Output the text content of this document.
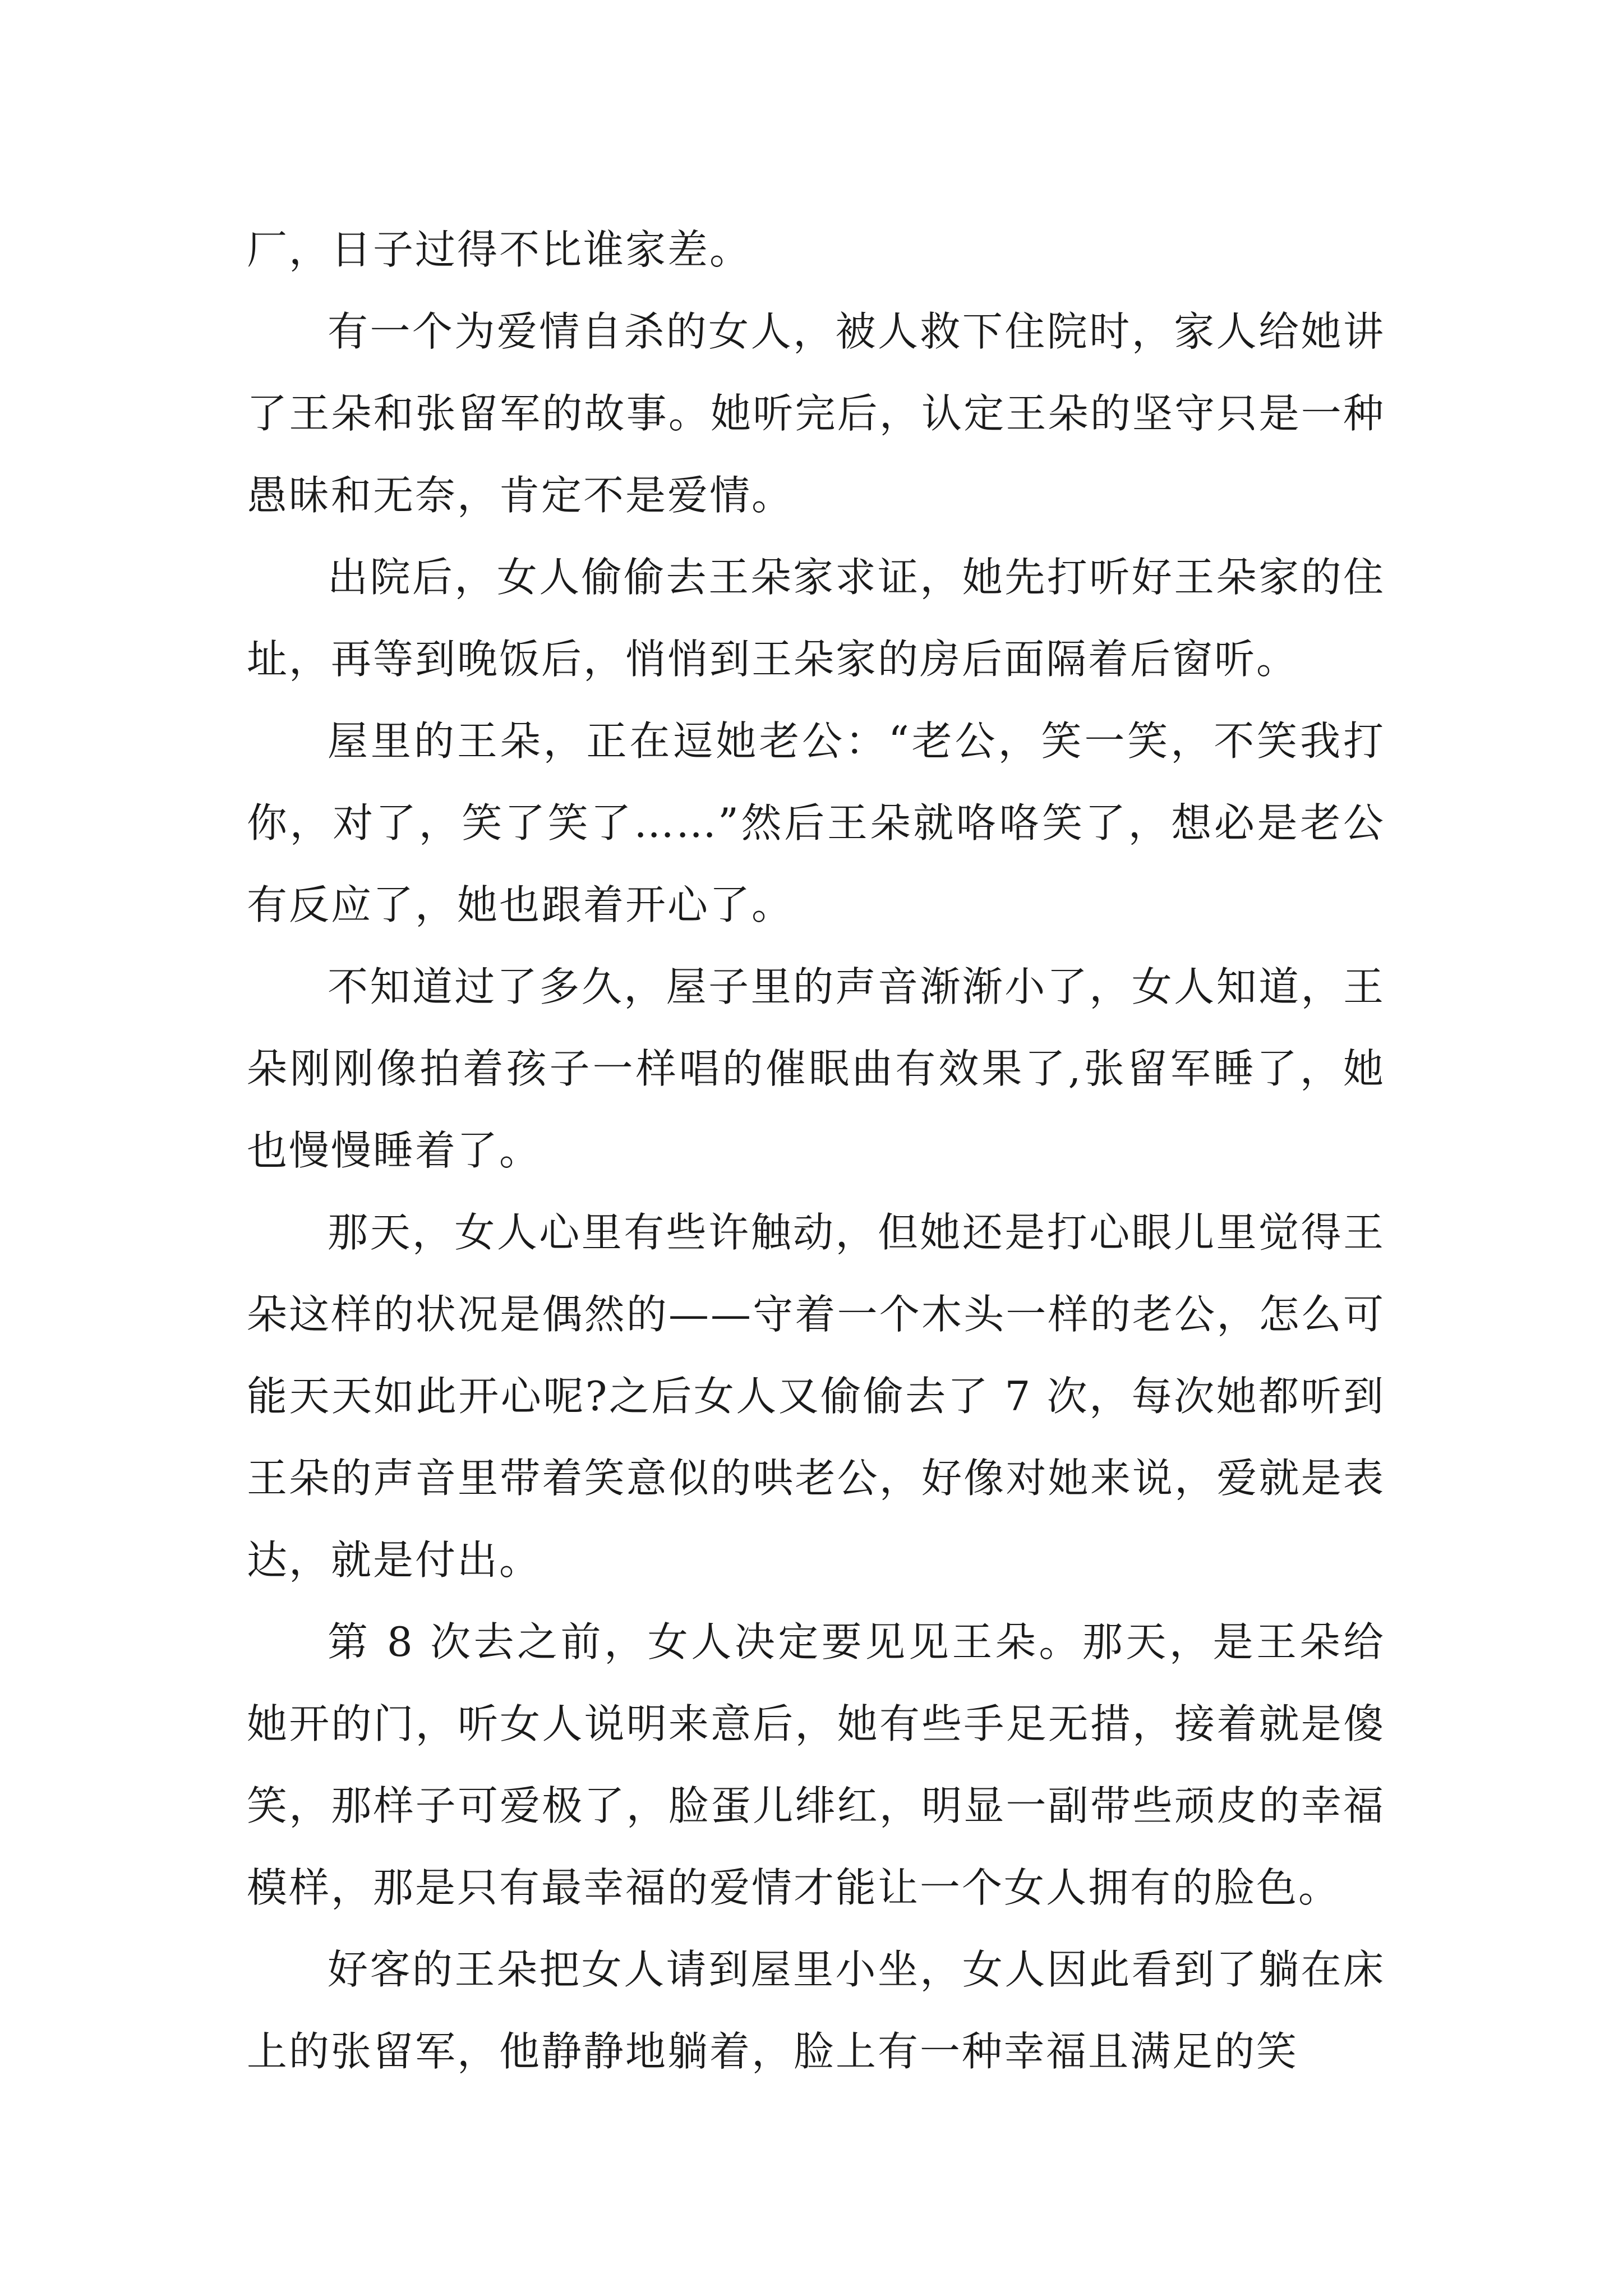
厂，日子过得不比谁家差。

有一个为爱情自杀的女人，被人救下住院时，家人给她讲了王朵和张留军的故事。她听完后，认定王朵的坚守只是一种愚昧和无奈，肯定不是爱情。

出院后，女人偷偷去王朵家求证，她先打听好王朵家的住址，再等到晚饭后，悄悄到王朵家的房后面隔着后窗听。

屋里的王朵，正在逗她老公：“老公，笑一笑，不笑我打你，对了，笑了笑了……”然后王朵就咯咯笑了，想必是老公有反应了，她也跟着开心了。

不知道过了多久，屋子里的声音渐渐小了，女人知道，王朵刚刚像拍着孩子一样唱的催眠曲有效果了,张留军睡了，她也慢慢睡着了。

那天，女人心里有些许触动，但她还是打心眼儿里觉得王朵这样的状况是偶然的——守着一个木头一样的老公，怎么可能天天如此开心呢?之后女人又偷偷去了 7 次，每次她都听到王朵的声音里带着笑意似的哄老公，好像对她来说，爱就是表达，就是付出。

第 8 次去之前，女人决定要见见王朵。那天，是王朵给她开的门，听女人说明来意后，她有些手足无措，接着就是傻笑，那样子可爱极了，脸蛋儿绯红，明显一副带些顽皮的幸福模样，那是只有最幸福的爱情才能让一个女人拥有的脸色。

好客的王朵把女人请到屋里小坐，女人因此看到了躺在床上的张留军，他静静地躺着，脸上有一种幸福且满足的笑
